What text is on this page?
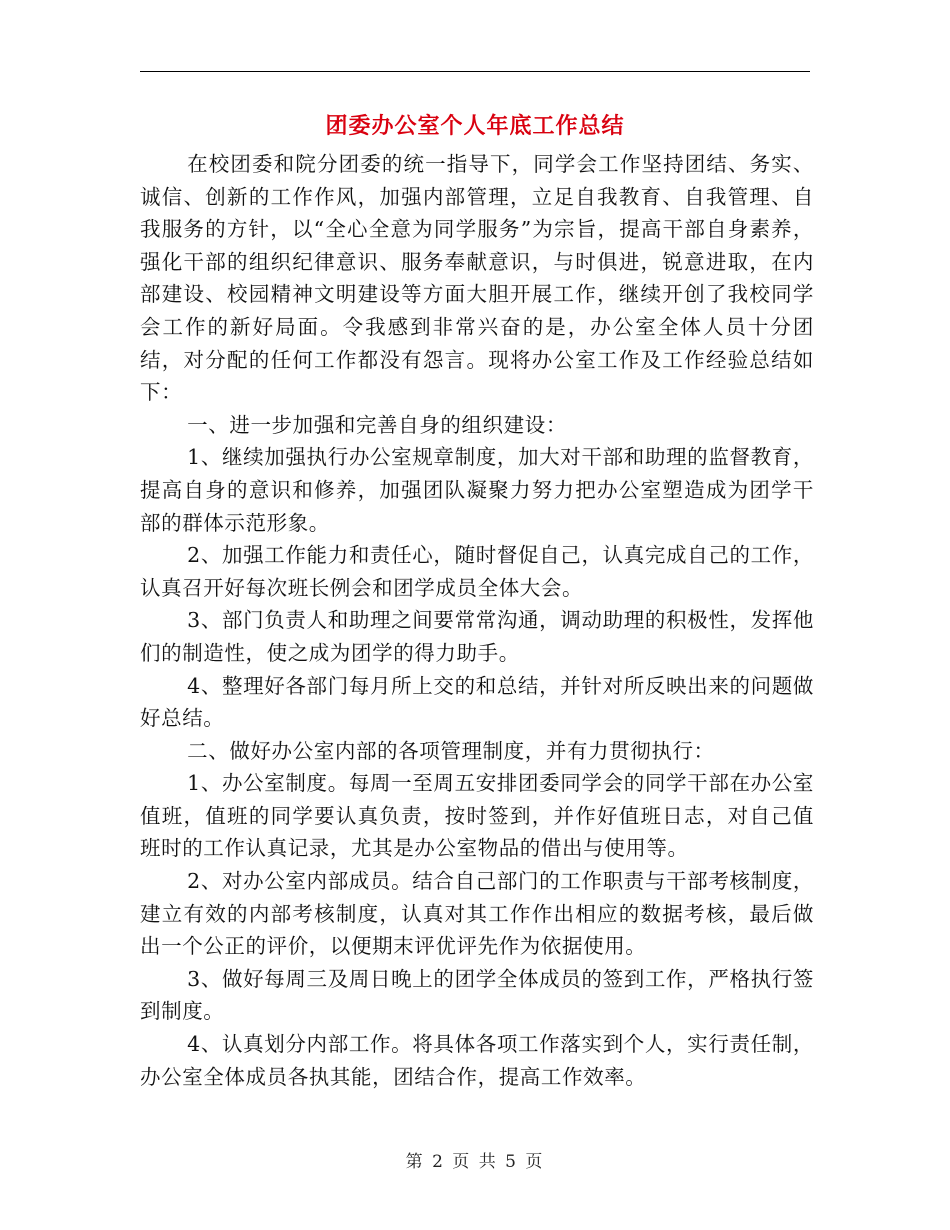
团委办公室个人年底工作总结

在校团委和院分团委的统一指导下，同学会工作坚持团结、务实、诚信、创新的工作作风，加强内部管理，立足自我教育、自我管理、自我服务的方针，以“全心全意为同学服务”为宗旨，提高干部自身素养，强化干部的组织纪律意识、服务奉献意识，与时俱进，锐意进取，在内部建设、校园精神文明建设等方面大胆开展工作，继续开创了我校同学会工作的新好局面。令我感到非常兴奋的是，办公室全体人员十分团结，对分配的任何工作都没有怨言。现将办公室工作及工作经验总结如下：

一、进一步加强和完善自身的组织建设：

1、继续加强执行办公室规章制度，加大对干部和助理的监督教育，提高自身的意识和修养，加强团队凝聚力努力把办公室塑造成为团学干部的群体示范形象。

2、加强工作能力和责任心，随时督促自己，认真完成自己的工作，认真召开好每次班长例会和团学成员全体大会。

3、部门负责人和助理之间要常常沟通，调动助理的积极性，发挥他们的制造性，使之成为团学的得力助手。

4、整理好各部门每月所上交的和总结，并针对所反映出来的问题做好总结。

二、做好办公室内部的各项管理制度，并有力贯彻执行：

1、办公室制度。每周一至周五安排团委同学会的同学干部在办公室值班，值班的同学要认真负责，按时签到，并作好值班日志，对自己值班时的工作认真记录，尤其是办公室物品的借出与使用等。

2、对办公室内部成员。结合自己部门的工作职责与干部考核制度，建立有效的内部考核制度，认真对其工作作出相应的数据考核，最后做出一个公正的评价，以便期末评优评先作为依据使用。

3、做好每周三及周日晚上的团学全体成员的签到工作，严格执行签到制度。

4、认真划分内部工作。将具体各项工作落实到个人，实行责任制，办公室全体成员各执其能，团结合作，提高工作效率。

第 2 页 共 5 页
